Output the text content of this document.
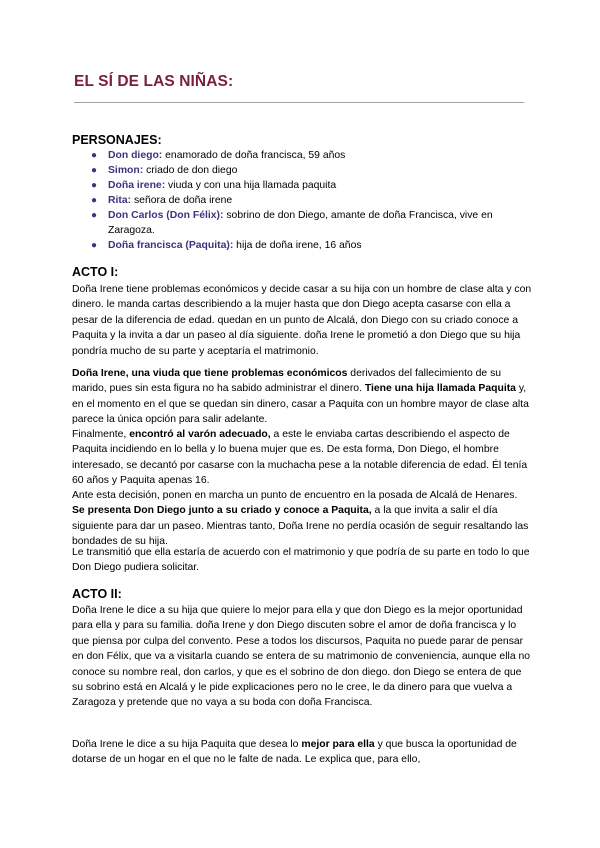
EL SÍ DE LAS NIÑAS:
PERSONAJES:
● Don diego: enamorado de doña francisca, 59 años
● Simon: criado de don diego
● Doña irene: viuda y con una hija llamada paquita
● Rita: señora de doña irene
● Don Carlos (Don Félix): sobrino de don Diego, amante de doña Francisca, vive en Zaragoza.
● Doña francisca (Paquita): hija de doña irene, 16 años
ACTO I:

Doña Irene tiene problemas económicos y decide casar a su hija con un hombre de clase alta y con dinero. le manda cartas describiendo a la mujer hasta que don Diego acepta casarse con ella a pesar de la diferencia de edad. quedan en un punto de Alcalá, don Diego con su criado conoce a Paquita y la invita a dar un paseo al día siguiente. doña Irene le prometió a don Diego que su hija pondría mucho de su parte y aceptaría el matrimonio.

Doña Irene, una viuda que tiene problemas económicos derivados del fallecimiento de su marido, pues sin esta figura no ha sabido administrar el dinero. Tiene una hija llamada Paquita y, en el momento en el que se quedan sin dinero, casar a Paquita con un hombre mayor de clase alta parece la única opción para salir adelante.

Finalmente, encontró al varón adecuado, a este le enviaba cartas describiendo el aspecto de Paquita incidiendo en lo bella y lo buena mujer que es. De esta forma, Don Diego, el hombre interesado, se decantó por casarse con la muchacha pese a la notable diferencia de edad. Él tenía 60 años y Paquita apenas 16.

Ante esta decisión, ponen en marcha un punto de encuentro en la posada de Alcalá de Henares. Se presenta Don Diego junto a su criado y conoce a Paquita, a la que invita a salir el día siguiente para dar un paseo. Mientras tanto, Doña Irene no perdía ocasión de seguir resaltando las bondades de su hija.

Le transmitió que ella estaría de acuerdo con el matrimonio y que podría de su parte en todo lo que Don Diego pudiera solicitar.

ACTO II:

Doña Irene le dice a su hija que quiere lo mejor para ella y que don Diego es la mejor oportunidad para ella y para su familia. doña Irene y don Diego discuten sobre el amor de doña francisca y lo que piensa por culpa del convento. Pese a todos los discursos, Paquita no puede parar de pensar en don Félix, que va a visitarla cuando se entera de su matrimonio de conveniencia, aunque ella no conoce su nombre real, don carlos, y que es el sobrino de don diego. don Diego se entera de que su sobrino está en Alcalá y le pide explicaciones pero no le cree, le da dinero para que vuelva a Zaragoza y pretende que no vaya a su boda con doña Francisca.

Doña Irene le dice a su hija Paquita que desea lo mejor para ella y que busca la oportunidad de dotarse de un hogar en el que no le falte de nada. Le explica que, para ello,
